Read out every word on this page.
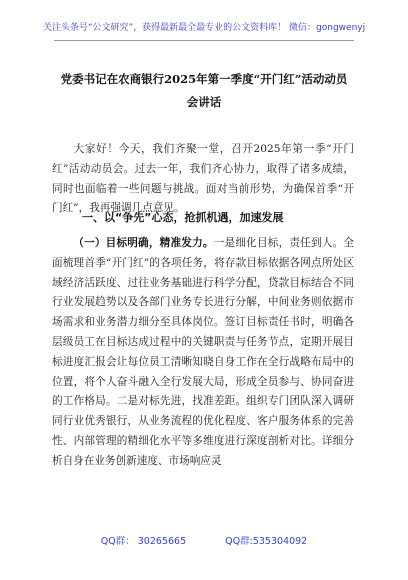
关注头条号“公文研究”，获得最新最全最专业的公文资料库！ 微信：gongwenyj
党委书记在农商银行2025年第一季度“开门红”活动动员
会讲话
大家好！今天，我们齐聚一堂，召开2025年第一季“开门红”活动动员会。过去一年，我们齐心协力，取得了诸多成绩，同时也面临着一些问题与挑战。面对当前形势，为确保首季“开门红”，我再强调几点意见。
一、以“争先”心态，抢抓机遇，加速发展
（一）目标明确，精准发力。一是细化目标，责任到人。全面梳理首季“开门红”的各项任务，将存款目标依据各网点所处区域经济活跃度、过往业务基础进行科学分配，贷款目标结合不同行业发展趋势以及各部门业务专长进行分解，中间业务则依据市场需求和业务潜力细分至具体岗位。签订目标责任书时，明确各层级员工在目标达成过程中的关键职责与任务节点，定期开展目标进度汇报会让每位员工清晰知晓自身工作在全行战略布局中的位置，将个人奋斗融入全行发展大局，形成全员参与、协同奋进的工作格局。二是对标先进，找准差距。组织专门团队深入调研同行业优秀银行，从业务流程的优化程度、客户服务体系的完善性、内部管理的精细化水平等多维度进行深度剖析对比。详细分析自身在业务创新速度、市场响应灵
QQ群： 30265665	QQ群:535304092
